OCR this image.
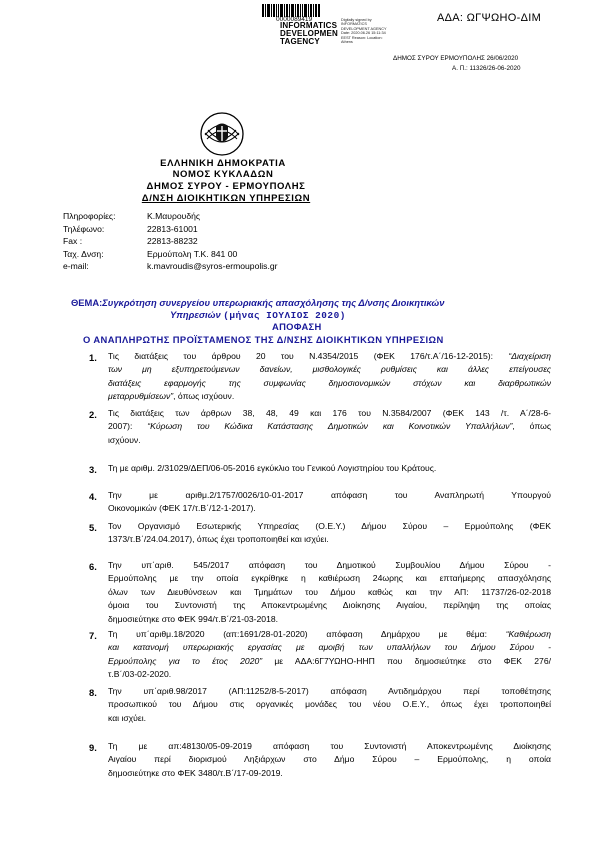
0000089419
INFORMATICS
DEVELOPMEN
TAGENCY
Digitally signed by INFORMATICS DEVELOPMENT AGENCY Date: 2020.06.26 15:11:34 EEST Reason: Location: Athens
ΑΔΑ: ΩΓΨΩΗΟ-ΔΙΜ
ΔΗΜΟΣ ΣΥΡΟΥ ΕΡΜΟΥΠΟΛΗΣ 26/06/2020
Α. Π.: 11326/26-06-2020
ΕΛΛΗΝΙΚΗ ΔΗΜΟΚΡΑΤΙΑ
ΝΟΜΟΣ ΚΥΚΛΑΔΩΝ
ΔΗΜΟΣ ΣΥΡΟΥ - ΕΡΜΟΥΠΟΛΗΣ
Δ/ΝΣΗ ΔΙΟΙΚΗΤΙΚΩΝ ΥΠΗΡΕΣΙΩΝ
Πληροφορίες:	Κ.Μαυρουδής
Τηλέφωνο:	22813-61001
Fax :	22813-88232
Ταχ. Δνση:	Ερμούπολη Τ.Κ. 841 00
e-mail:	k.mavroudis@syros-ermoupolis.gr
ΘΕΜΑ:Συγκρότηση συνεργείου υπερωριακής απασχόλησης της Δ/νσης Διοικητικών
Υπηρεσιών (μήνας ΙΟΥΛΙΟΣ 2020)
ΑΠΟΦΑΣΗ
Ο ΑΝΑΠΛΗΡΩΤΗΣ ΠΡΟΪΣΤΑΜΕΝΟΣ ΤΗΣ Δ/ΝΣΗΣ ΔΙΟΙΚΗΤΙΚΩΝ ΥΠΗΡΕΣΙΩΝ
1. Τις διατάξεις του άρθρου 20 του Ν.4354/2015 (ΦΕΚ 176/τ.Α΄/16-12-2015): “Διαχείριση
των μη εξυπηρετούμενων δανείων, μισθολογικές ρυθμίσεις και άλλες επείγουσες
διατάξεις εφαρμογής της συμφωνίας δημοσιονομικών στόχων και διαρθρωτικών
μεταρρυθμίσεων”, όπως ισχύουν.
2. Τις διατάξεις των άρθρων 38, 48, 49 και 176 του Ν.3584/2007 (ΦΕΚ 143 /τ. Α΄/28-6-
2007): “Κύρωση του Κώδικα Κατάστασης Δημοτικών και Κοινοτικών Υπαλλήλων”, όπως
ισχύουν.
3. Τη με αριθμ. 2/31029/ΔΕΠ/06-05-2016 εγκύκλιο του Γενικού Λογιστηρίου του Κράτους.
4. Την με αριθμ.2/1757/0026/10-01-2017 απόφαση του Αναπληρωτή Υπουργού
Οικονομικών (ΦΕΚ 17/τ.Β΄/12-1-2017).
5. Τον Οργανισμό Εσωτερικής Υπηρεσίας (Ο.Ε.Υ.) Δήμου Σύρου – Ερμούπολης (ΦΕΚ
1373/τ.Β΄/24.04.2017), όπως έχει τροποποιηθεί και ισχύει.
6. Την υπ΄αριθ. 545/2017 απόφαση του Δημοτικού Συμβουλίου Δήμου Σύρου -
Ερμούπολης με την οποία εγκρίθηκε η καθιέρωση 24ωρης και επταήμερης απασχόλησης
όλων των Διευθύνσεων και Τμημάτων του Δήμου καθώς και την ΑΠ: 11737/26-02-2018
όμοια του Συντονιστή της Αποκεντρωμένης Διοίκησης Αιγαίου, περίληψη της οποίας
δημοσιεύτηκε στο ΦΕΚ 994/τ.Β΄/21-03-2018.
7. Τη υπ΄αριθμ.18/2020 (απ:1691/28-01-2020) απόφαση Δημάρχου με θέμα: “Καθιέρωση
και κατανομή υπερωριακής εργασίας με αμοιβή των υπαλλήλων του Δήμου Σύρου -
Ερμούπολης για το έτος 2020” με ΑΔΑ:6Γ7ΥΩΗΟ-ΗΗΠ που δημοσιεύτηκε στο ΦΕΚ 276/
τ.Β΄/03-02-2020.
8. Την υπ΄αριθ.98/2017 (ΑΠ:11252/8-5-2017) απόφαση Αντιδημάρχου περί τοποθέτησης
προσωπικού του Δήμου στις οργανικές μονάδες του νέου Ο.Ε.Υ., όπως έχει τροποποιηθεί
και ισχύει.
9. Τη με απ:48130/05-09-2019 απόφαση του Συντονιστή Αποκεντρωμένης Διοίκησης
Αιγαίου περί διορισμού Ληξιάρχων στο Δήμο Σύρου – Ερμούπολης, η οποία
δημοσιεύτηκε στο ΦΕΚ 3480/τ.Β΄/17-09-2019.
